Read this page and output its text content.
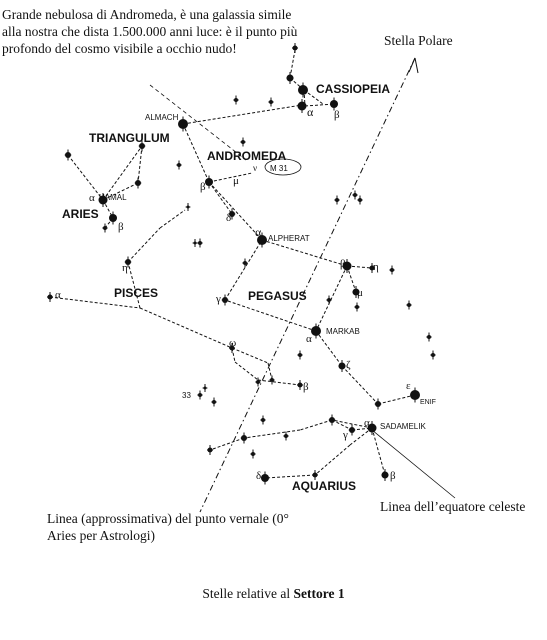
CASSIOPEIA
TRIANGULUM
ANDROMEDA
ARIES
PISCES	PEGASUS
AQUARIUS
ALMACH
HAMAL
ALPHERAT
MARKAB
SADAMELIK
ENIF
M 31
α β
β μ
ν
δ
α
α
β
η
α
β η
μ
γ
α
ζ
ω
β	ε
α
γ
β
δ
33
Grande nebulosa di Andromeda, è una galassia simile alla nostra che dista 1.500.000 anni luce: è il punto più profondo del cosmo visibile a occhio nudo!
Stella Polare
Linea dell’equatore celeste
Linea (approssimativa) del punto vernale (0° Aries per Astrologi)
Stelle relative al Settore 1
